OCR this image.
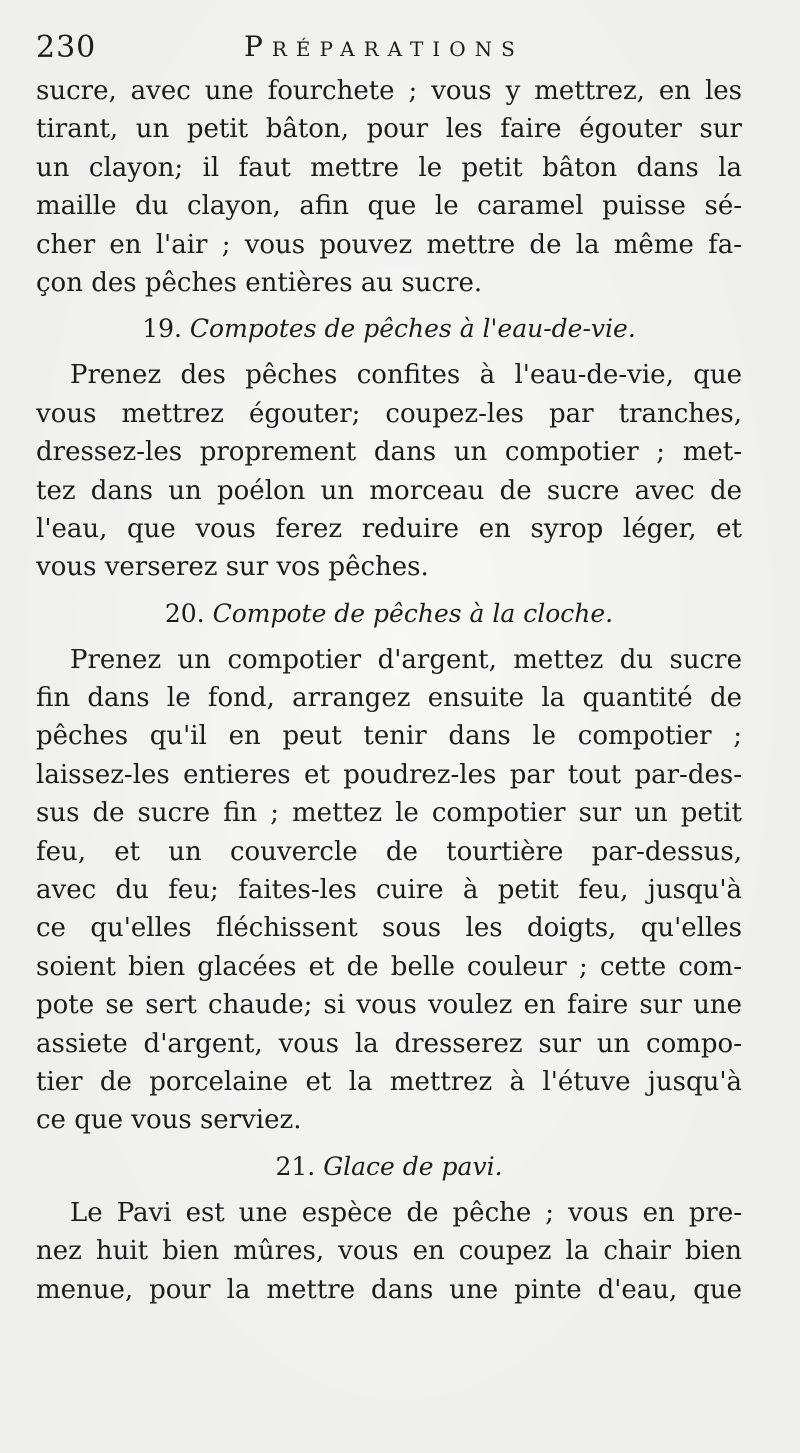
230	Préparations
sucre, avec une fourchete ; vous y mettrez, en les
tirant, un petit bâton, pour les faire égouter sur
un clayon; il faut mettre le petit bâton dans la
maille du clayon, afin que le caramel puisse sé-
cher en l'air ; vous pouvez mettre de la même fa-
çon des pêches entières au sucre.
19. Compotes de pêches à l'eau-de-vie.
Prenez des pêches confites à l'eau-de-vie, que
vous mettrez égouter; coupez-les par tranches,
dressez-les proprement dans un compotier ; met-
tez dans un poélon un morceau de sucre avec de
l'eau, que vous ferez reduire en syrop léger, et
vous verserez sur vos pêches.
20. Compote de pêches à la cloche.
Prenez un compotier d'argent, mettez du sucre
fin dans le fond, arrangez ensuite la quantité de
pêches qu'il en peut tenir dans le compotier ;
laissez-les entieres et poudrez-les par tout par-des-
sus de sucre fin ; mettez le compotier sur un petit
feu, et un couvercle de tourtière par-dessus,
avec du feu; faites-les cuire à petit feu, jusqu'à
ce qu'elles fléchissent sous les doigts, qu'elles
soient bien glacées et de belle couleur ; cette com-
pote se sert chaude; si vous voulez en faire sur une
assiete d'argent, vous la dresserez sur un compo-
tier de porcelaine et la mettrez à l'étuve jusqu'à
ce que vous serviez.
21. Glace de pavi.
Le Pavi est une espèce de pêche ; vous en pre-
nez huit bien mûres, vous en coupez la chair bien
menue, pour la mettre dans une pinte d'eau, que
